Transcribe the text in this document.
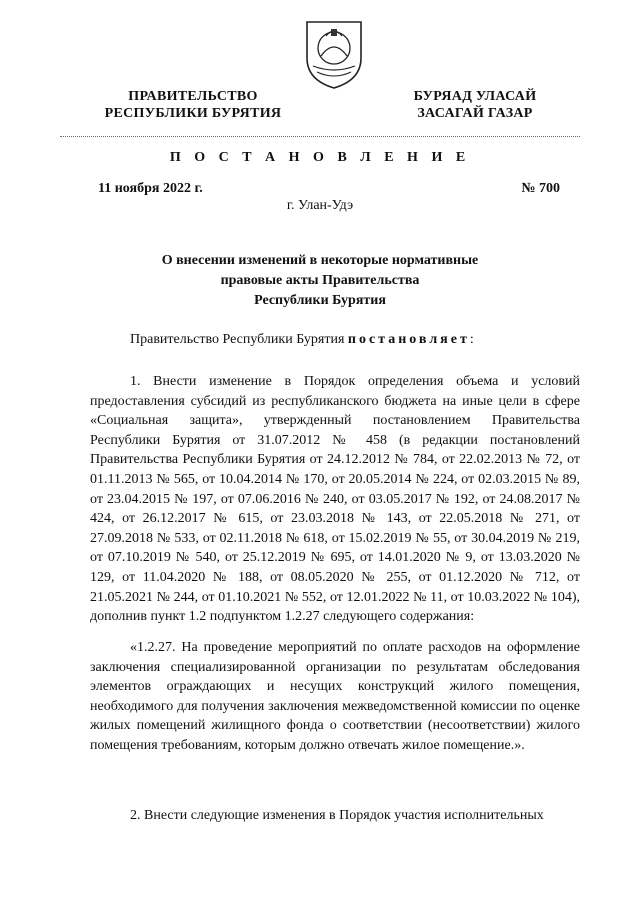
ПРАВИТЕЛЬСТВО
РЕСПУБЛИКИ БУРЯТИЯ
БУРЯАД УЛАСАЙ
ЗАСАГАЙ ГАЗАР
П О С Т А Н О В Л Е Н И Е
11 ноября 2022 г.	№ 700
г. Улан-Удэ
О внесении изменений в некоторые нормативные
правовые акты Правительства
Республики Бурятия
Правительство Республики Бурятия постановляет:

1. Внести изменение в Порядок определения объема и условий предоставления субсидий из республиканского бюджета на иные цели в сфере «Социальная защита», утвержденный постановлением Правительства Республики Бурятия от 31.07.2012 № 458 (в редакции постановлений Правительства Республики Бурятия от 24.12.2012 № 784, от 22.02.2013 № 72, от 01.11.2013 № 565, от 10.04.2014 № 170, от 20.05.2014 № 224, от 02.03.2015 № 89, от 23.04.2015 № 197, от 07.06.2016 № 240, от 03.05.2017 № 192, от 24.08.2017 № 424, от 26.12.2017 № 615, от 23.03.2018 № 143, от 22.05.2018 № 271, от 27.09.2018 № 533, от 02.11.2018 № 618, от 15.02.2019 № 55, от 30.04.2019 № 219, от 07.10.2019 № 540, от 25.12.2019 № 695, от 14.01.2020 № 9, от 13.03.2020 № 129, от 11.04.2020 № 188, от 08.05.2020 № 255, от 01.12.2020 № 712, от 21.05.2021 № 244, от 01.10.2021 № 552, от 12.01.2022 № 11, от 10.03.2022 № 104), дополнив пункт 1.2 подпунктом 1.2.27 следующего содержания:

«1.2.27. На проведение мероприятий по оплате расходов на оформление заключения специализированной организации по результатам обследования элементов ограждающих и несущих конструкций жилого помещения, необходимого для получения заключения межведомственной комиссии по оценке жилых помещений жилищного фонда о соответствии (несоответствии) жилого помещения требованиям, которым должно отвечать жилое помещение.».

2. Внести следующие изменения в Порядок участия исполнительных
